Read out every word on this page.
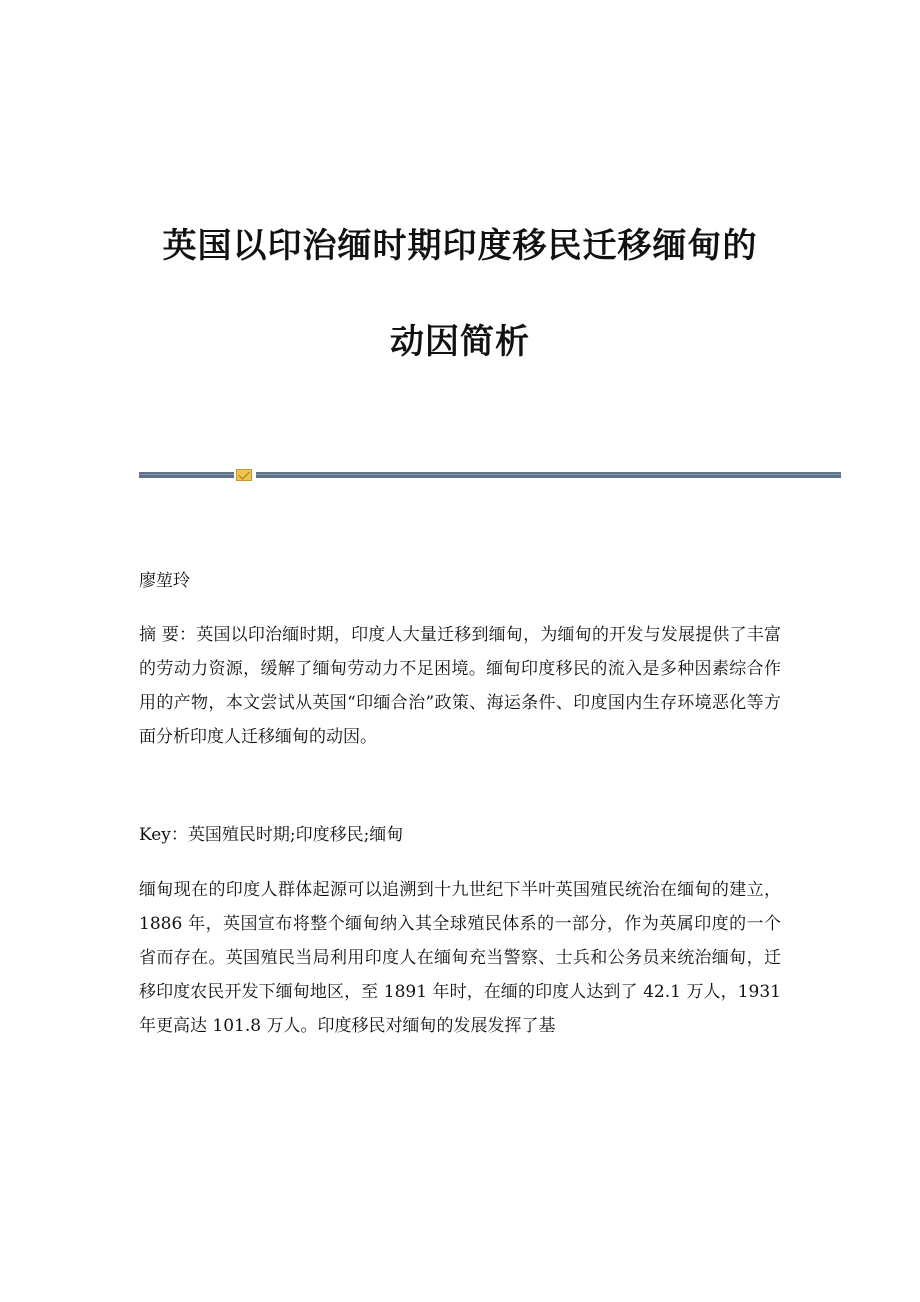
英国以印治缅时期印度移民迁移缅甸的
动因简析

廖堃玲

摘 要：英国以印治缅时期，印度人大量迁移到缅甸，为缅甸的开发与发展提供了丰富的劳动力资源，缓解了缅甸劳动力不足困境。缅甸印度移民的流入是多种因素综合作用的产物，本文尝试从英国“印缅合治”政策、海运条件、印度国内生存环境恶化等方面分析印度人迁移缅甸的动因。

Key：英国殖民时期;印度移民;缅甸

缅甸现在的印度人群体起源可以追溯到十九世纪下半叶英国殖民统治在缅甸的建立，1886 年，英国宣布将整个缅甸纳入其全球殖民体系的一部分，作为英属印度的一个省而存在。英国殖民当局利用印度人在缅甸充当警察、士兵和公务员来统治缅甸，迁移印度农民开发下缅甸地区，至 1891 年时，在缅的印度人达到了 42.1 万人，1931 年更高达 101.8 万人。印度移民对缅甸的发展发挥了基
